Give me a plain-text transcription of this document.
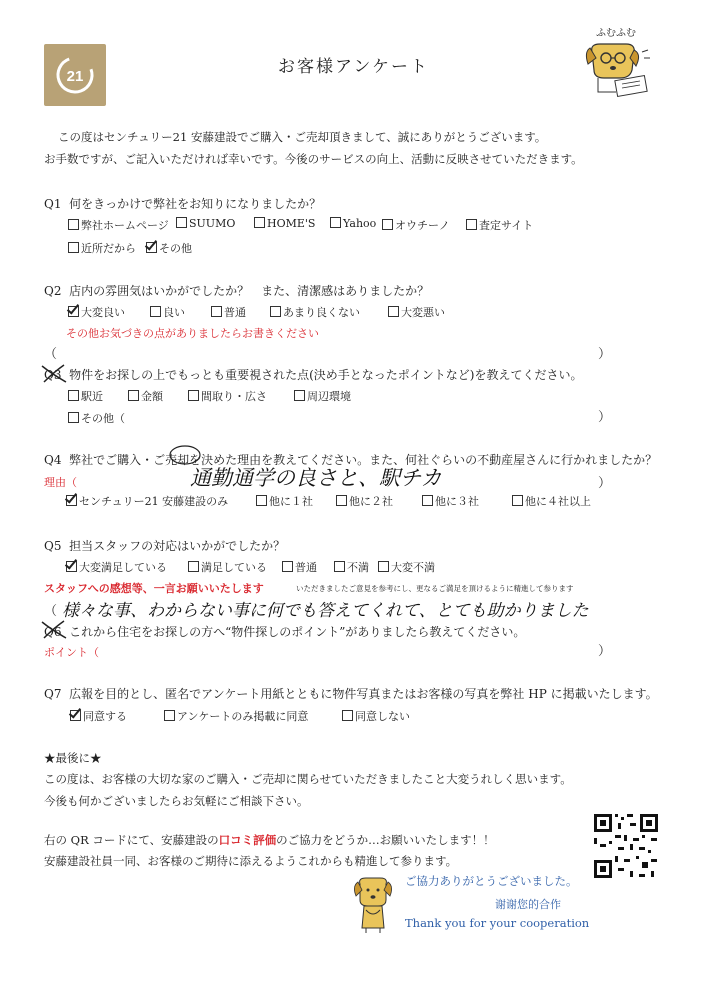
21	お客様アンケート
ふむふむ
この度はセンチュリー21 安藤建設でご購入・ご売却頂きまして、誠にありがとうございます。
お手数ですが、ご記入いただければ幸いです。今後のサービスの向上、活動に反映させていただきます。
Q1 何をきっかけで弊社をお知りになりましたか？
弊社ホームページ	SUUMO	HOME'S	Yahoo	オウチーノ	査定サイト
近所だから	その他
Q2 店内の雰囲気はいかがでしたか？　また、清潔感はありましたか？
大変良い	良い	普通	あまり良くない	大変悪い
その他お気づきの点がありましたらお書きください
（	）
Q3 物件をお探しの上でもっとも重要視された点(決め手となったポイントなど)を教えてください。
駅近	金額	間取り・広さ	周辺環境
その他（	）
Q4 弊社でご購入・ご売却を決めた理由を教えてください。また、何社ぐらいの不動産屋さんに行かれましたか？
理由（	通勤通学の良さと、駅チカ	）
センチュリー21 安藤建設のみ	他に１社	他に２社	他に３社	他に４社以上
Q5 担当スタッフの対応はいかがでしたか？
大変満足している	満足している	普通	不満	大変不満
スタッフへの感想等、一言お願いいたします	いただきましたご意見を参考にし、更なるご満足を頂けるように精進して参ります
（ 様々な事、わからない事に何でも答えてくれて、とても助かりました
Q6 これから住宅をお探しの方へ“物件探しのポイント”がありましたら教えてください。
ポイント（	）
Q7 広報を目的とし、匿名でアンケート用紙とともに物件写真またはお客様の写真を弊社 HP に掲載いたします。
同意する	アンケートのみ掲載に同意	同意しない
★最後に★
この度は、お客様の大切な家のご購入・ご売却に関らせていただきましたこと大変うれしく思います。
今後も何かございましたらお気軽にご相談下さい。
右の QR コードにて、安藤建設の口コミ評価のご協力をどうか…お願いいたします！！
安藤建設社員一同、お客様のご期待に添えるようこれからも精進して参ります。
ご協力ありがとうございました。
谢谢您的合作
Thank you for your cooperation
